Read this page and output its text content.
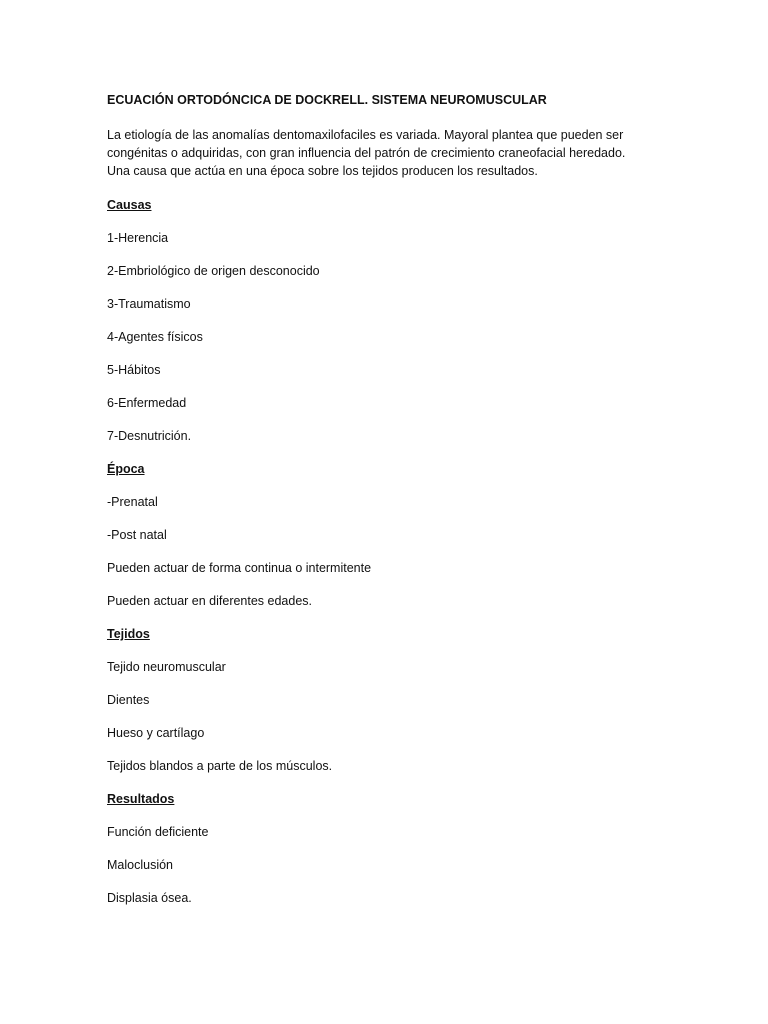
ECUACIÓN ORTODÓNCICA DE DOCKRELL. SISTEMA NEUROMUSCULAR

La etiología de las anomalías dentomaxilofaciles es variada. Mayoral plantea que pueden ser

congénitas o adquiridas, con gran influencia del patrón de crecimiento craneofacial heredado.

Una causa que actúa en una época sobre los tejidos producen los resultados.

Causas
1-Herencia
2-Embriológico de origen desconocido
3-Traumatismo
4-Agentes físicos
5-Hábitos
6-Enfermedad
7-Desnutrición.
Época
-Prenatal
-Post natal
Pueden actuar de forma continua o intermitente
Pueden actuar en diferentes edades.
Tejidos
Tejido neuromuscular
Dientes
Hueso y cartílago
Tejidos blandos a parte de los músculos.
Resultados
Función deficiente
Maloclusión
Displasia ósea.
